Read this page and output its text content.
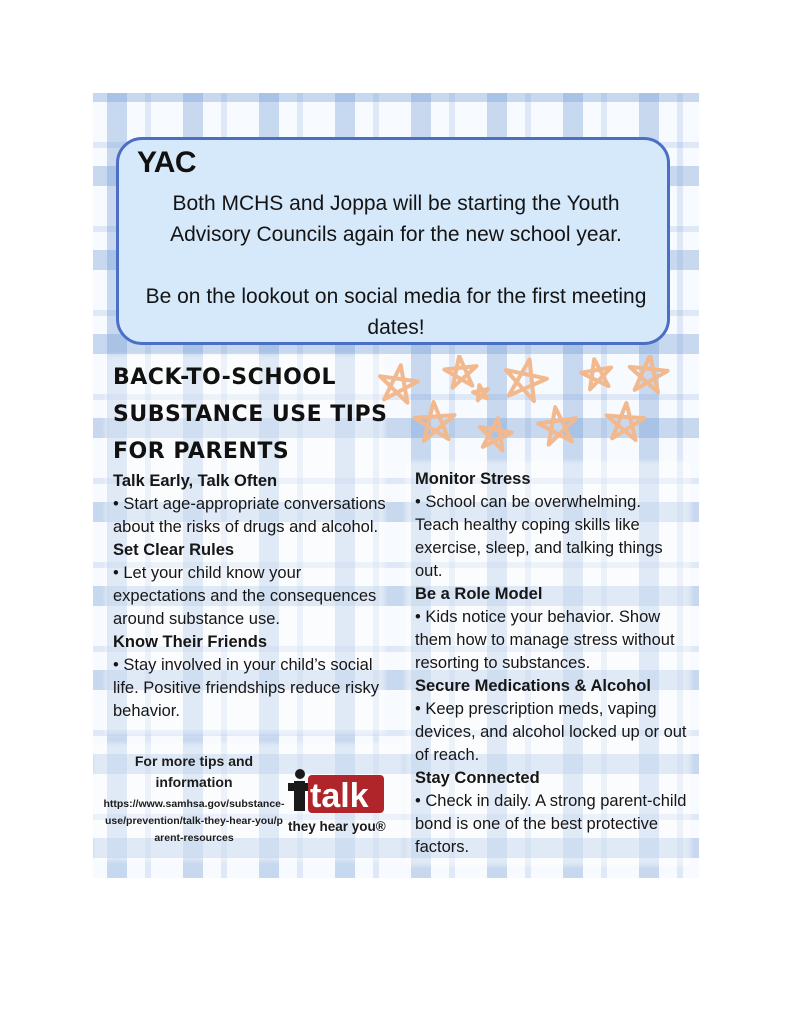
YAC
Both MCHS and Joppa will be starting the Youth Advisory Councils again for the new school year.
Be on the lookout on social media for the first meeting dates!
BACK-TO-SCHOOL
SUBSTANCE USE TIPS
FOR PARENTS
Talk Early, Talk Often

• Start age-appropriate conversations about the risks of drugs and alcohol.

Set Clear Rules

• Let your child know your expectations and the consequences around substance use.

Know Their Friends

• Stay involved in your child’s social life. Positive friendships reduce risky behavior.

Monitor Stress

• School can be overwhelming. Teach healthy coping skills like exercise, sleep, and talking things out.

Be a Role Model

• Kids notice your behavior. Show them how to manage stress without resorting to substances.

Secure Medications & Alcohol

• Keep prescription meds, vaping devices, and alcohol locked up or out of reach.

Stay Connected

• Check in daily. A strong parent-child bond is one of the best protective factors.

For more tips and information
https://www.samhsa.gov/substance-use/prevention/talk-they-hear-you/parent-resources
talk
they hear you®
